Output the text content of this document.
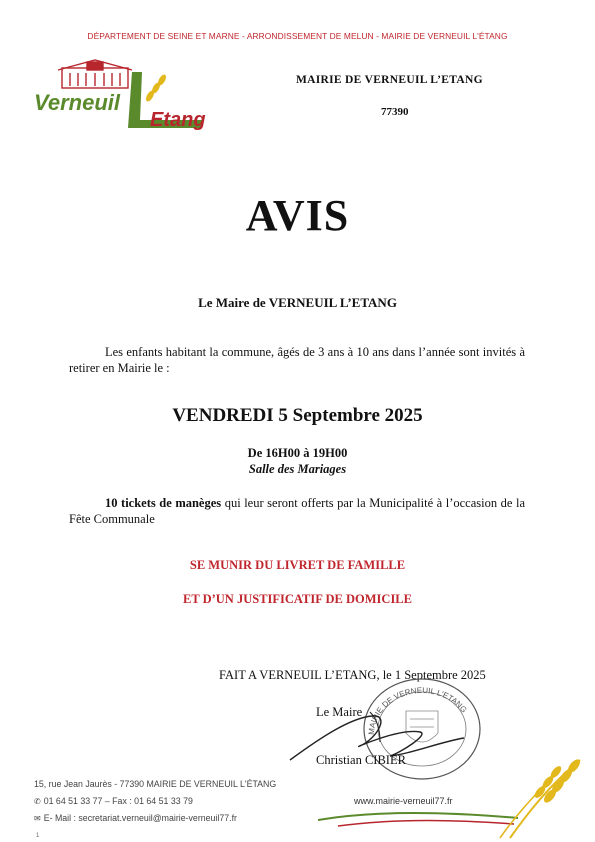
DÉPARTEMENT DE SEINE ET MARNE - ARRONDISSEMENT DE MELUN - MAIRIE DE VERNEUIL L'ÉTANG
Verneuil
Etang
MAIRIE DE VERNEUIL L’ETANG
77390
AVIS
Le Maire de VERNEUIL L’ETANG
Les enfants habitant la commune, âgés de 3 ans à 10 ans dans l’année sont invités à retirer en Mairie le :
VENDREDI 5 Septembre 2025
De 16H00 à 19H00
Salle des Mariages
10 tickets de manèges qui leur seront offerts par la Municipalité à l’occasion de la Fête Communale
SE MUNIR DU LIVRET DE FAMILLE
ET D’UN JUSTIFICATIF DE DOMICILE
FAIT A VERNEUIL L’ETANG, le 1 Septembre 2025
Le Maire
MAIRIE DE VERNEUIL L'ETANG
Christian CIBIER
15, rue Jean Jaurès - 77390 MAIRIE DE VERNEUIL L'ÉTANG
✆ 01 64 51 33 77 – Fax : 01 64 51 33 79
✉ E- Mail : secretariat.verneuil@mairie-verneuil77.fr
www.mairie-verneuil77.fr
1
